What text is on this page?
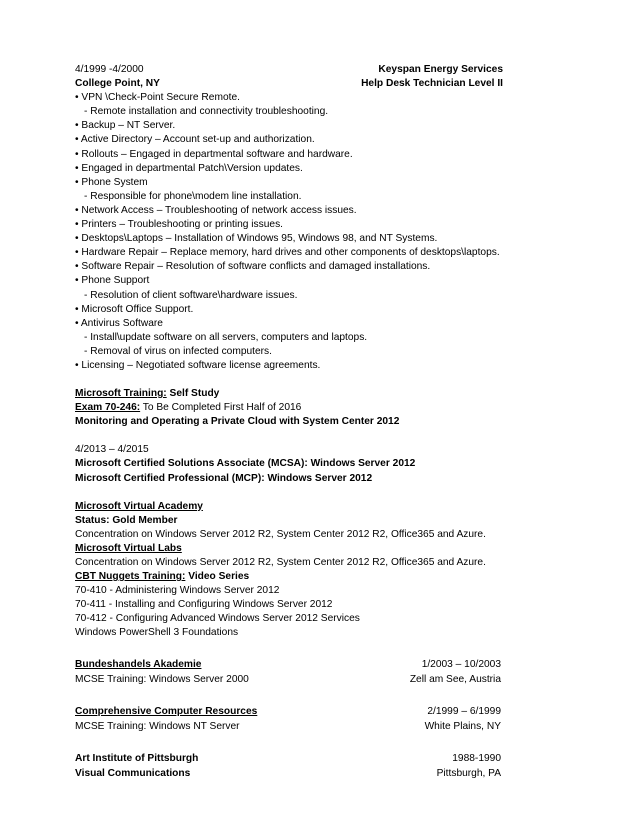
4/1999 -4/2000	Keyspan Energy Services
College Point, NY	Help Desk Technician Level II
• VPN \Check-Point Secure Remote.
- Remote installation and connectivity troubleshooting.
• Backup – NT Server.
• Active Directory – Account set-up and authorization.
• Rollouts – Engaged in departmental software and hardware.
• Engaged in departmental Patch\Version updates.
• Phone System
- Responsible for phone\modem line installation.
• Network Access – Troubleshooting of network access issues.
• Printers – Troubleshooting or printing issues.
• Desktops\Laptops – Installation of Windows 95, Windows 98, and NT Systems.
• Hardware Repair – Replace memory, hard drives and other components of desktops\laptops.
• Software Repair – Resolution of software conflicts and damaged installations.
• Phone Support
- Resolution of client software\hardware issues.
• Microsoft Office Support.
• Antivirus Software
- Install\update software on all servers, computers and laptops.
- Removal of virus on infected computers.
• Licensing – Negotiated software license agreements.
Microsoft Training: Self Study
Exam 70-246: To Be Completed First Half of 2016
Monitoring and Operating a Private Cloud with System Center 2012
4/2013 – 4/2015
Microsoft Certified Solutions Associate (MCSA): Windows Server 2012
Microsoft Certified Professional (MCP): Windows Server 2012
Microsoft Virtual Academy
Status: Gold Member
Concentration on Windows Server 2012 R2, System Center 2012 R2, Office365 and Azure.
Microsoft Virtual Labs
Concentration on Windows Server 2012 R2, System Center 2012 R2, Office365 and Azure.
CBT Nuggets Training: Video Series
70-410 - Administering Windows Server 2012
70-411 - Installing and Configuring Windows Server 2012
70-412 - Configuring Advanced Windows Server 2012 Services
Windows PowerShell 3 Foundations
Bundeshandels Akademie	1/2003 – 10/2003
MCSE Training: Windows Server 2000	Zell am See, Austria
Comprehensive Computer Resources	2/1999 – 6/1999
MCSE Training: Windows NT Server	White Plains, NY
Art Institute of Pittsburgh	1988-1990
Visual Communications	Pittsburgh, PA
